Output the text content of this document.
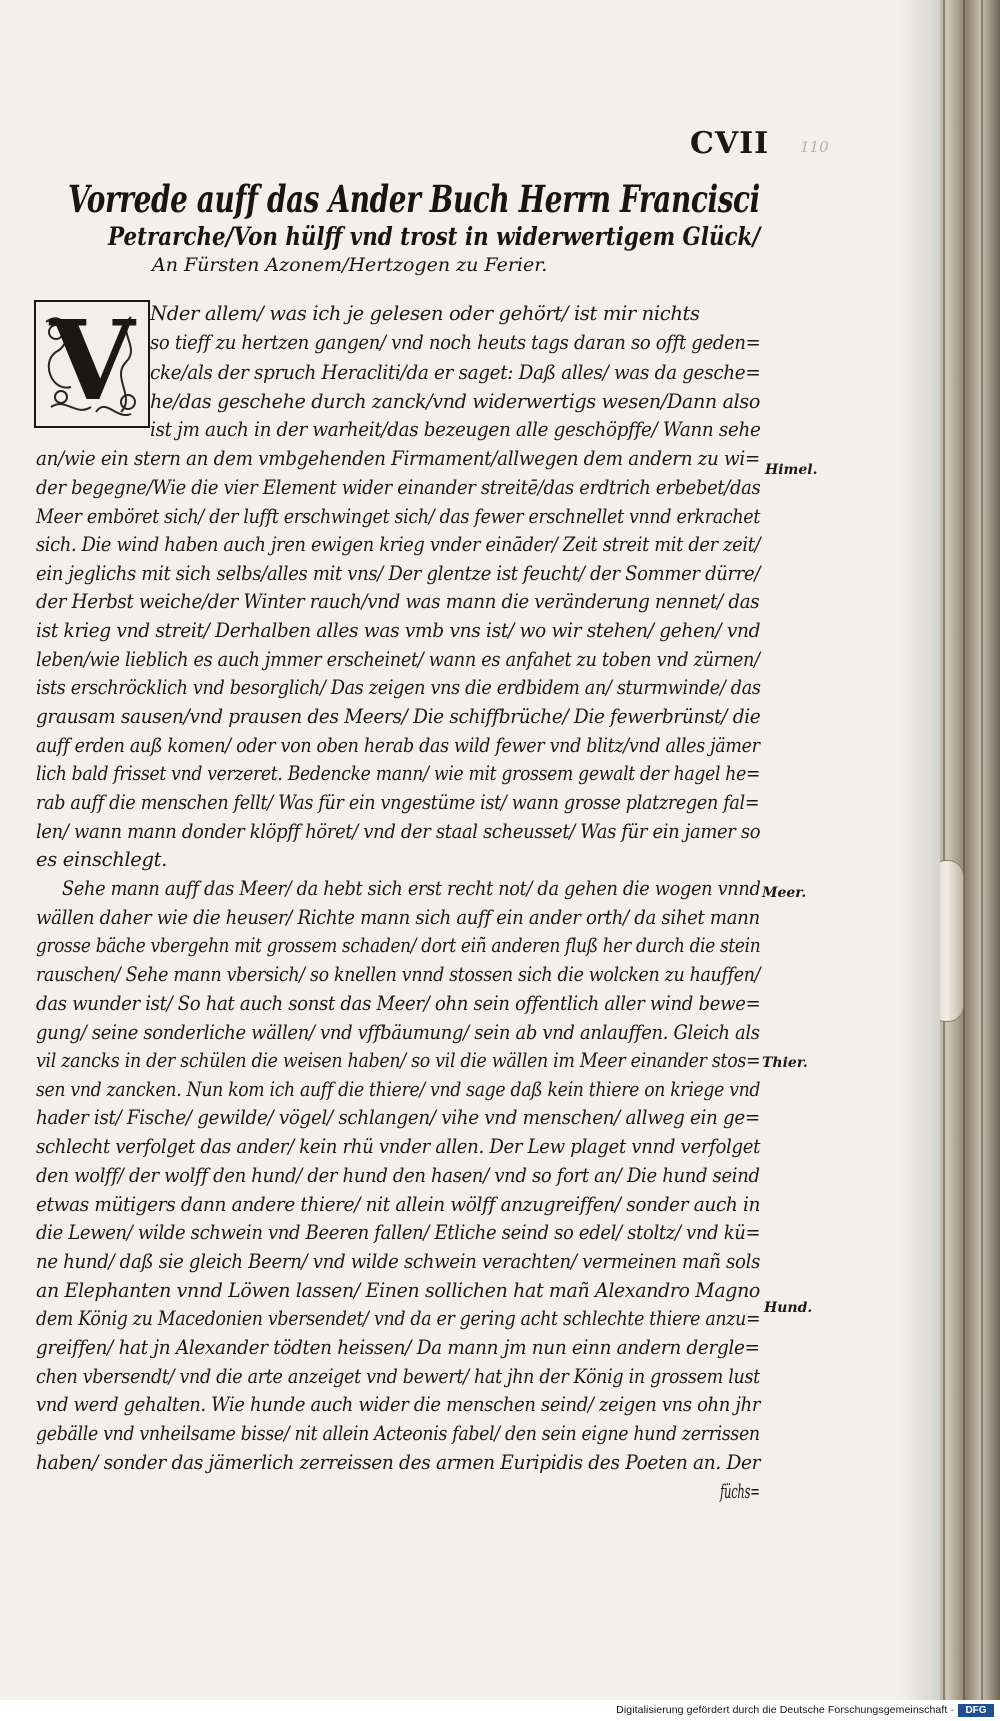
CVII 110
Vorrede auff das Ander Buch Herrn Francisci
Petrarche/Von hülff vnd trost in widerwertigem Glück/
An Fürsten Azonem/Hertzogen zu Ferier.
V Nder allem/ was ich je gelesen oder gehört/ ist mir nichts
so tieff zu hertzen gangen/ vnd noch heuts tags daran so offt geden=
cke/als der spruch Heracliti/da er saget: Daß alles/ was da gesche=
he/das geschehe durch zanck/vnd widerwertigs wesen/Dann also
ist jm auch in der warheit/das bezeugen alle geschöpffe/ Wann sehe
an/wie ein stern an dem vmbgehenden Firmament/allwegen dem andern zu wi=
der begegne/Wie die vier Element wider einander streitē/das erdtrich erbebet/das
Meer emböret sich/ der lufft erschwinget sich/ das fewer erschnellet vnnd erkrachet
sich. Die wind haben auch jren ewigen krieg vnder eināder/ Zeit streit mit der zeit/
ein jeglichs mit sich selbs/alles mit vns/ Der glentze ist feucht/ der Sommer dürre/
der Herbst weiche/der Winter rauch/vnd was mann die veränderung nennet/ das
ist krieg vnd streit/ Derhalben alles was vmb vns ist/ wo wir stehen/ gehen/ vnd
leben/wie lieblich es auch jmmer erscheinet/ wann es anfahet zu toben vnd zürnen/
ists erschröcklich vnd besorglich/ Das zeigen vns die erdbidem an/ sturmwinde/ das
grausam sausen/vnd prausen des Meers/ Die schiffbrüche/ Die fewerbrünst/ die
auff erden auß komen/ oder von oben herab das wild fewer vnd blitz/vnd alles jämer
lich bald frisset vnd verzeret. Bedencke mann/ wie mit grossem gewalt der hagel he=
rab auff die menschen fellt/ Was für ein vngestüme ist/ wann grosse platzregen fal=
len/ wann mann donder klöpff höret/ vnd der staal scheusset/ Was für ein jamer so
es einschlegt.
Sehe mann auff das Meer/ da hebt sich erst recht not/ da gehen die wogen vnnd
wällen daher wie die heuser/ Richte mann sich auff ein ander orth/ da sihet mann
grosse bäche vbergehn mit grossem schaden/ dort eiñ anderen fluß her durch die stein
rauschen/ Sehe mann vbersich/ so knellen vnnd stossen sich die wolcken zu hauffen/
das wunder ist/ So hat auch sonst das Meer/ ohn sein offentlich aller wind bewe=
gung/ seine sonderliche wällen/ vnd vffbäumung/ sein ab vnd anlauffen. Gleich als
vil zancks in der schülen die weisen haben/ so vil die wällen im Meer einander stos=
sen vnd zancken. Nun kom ich auff die thiere/ vnd sage daß kein thiere on kriege vnd
hader ist/ Fische/ gewilde/ vögel/ schlangen/ vihe vnd menschen/ allweg ein ge=
schlecht verfolget das ander/ kein rhü vnder allen. Der Lew plaget vnnd verfolget
den wolff/ der wolff den hund/ der hund den hasen/ vnd so fort an/ Die hund seind
etwas mütigers dann andere thiere/ nit allein wölff anzugreiffen/ sonder auch in
die Lewen/ wilde schwein vnd Beeren fallen/ Etliche seind so edel/ stoltz/ vnd kü=
ne hund/ daß sie gleich Beern/ vnd wilde schwein verachten/ vermeinen mañ sols
an Elephanten vnnd Löwen lassen/ Einen sollichen hat mañ Alexandro Magno
dem König zu Macedonien vbersendet/ vnd da er gering acht schlechte thiere anzu=
greiffen/ hat jn Alexander tödten heissen/ Da mann jm nun einn andern dergle=
chen vbersendt/ vnd die arte anzeiget vnd bewert/ hat jhn der König in grossem lust
vnd werd gehalten. Wie hunde auch wider die menschen seind/ zeigen vns ohn jhr
gebälle vnd vnheilsame bisse/ nit allein Acteonis fabel/ den sein eigne hund zerrissen
haben/ sonder das jämerlich zerreissen des armen Euripidis des Poeten an. Der
füchs=
Himel.
Meer.
Thier.
Hund.
Digitalisierung gefördert durch die Deutsche Forschungsgemeinschaft ·	DFG
